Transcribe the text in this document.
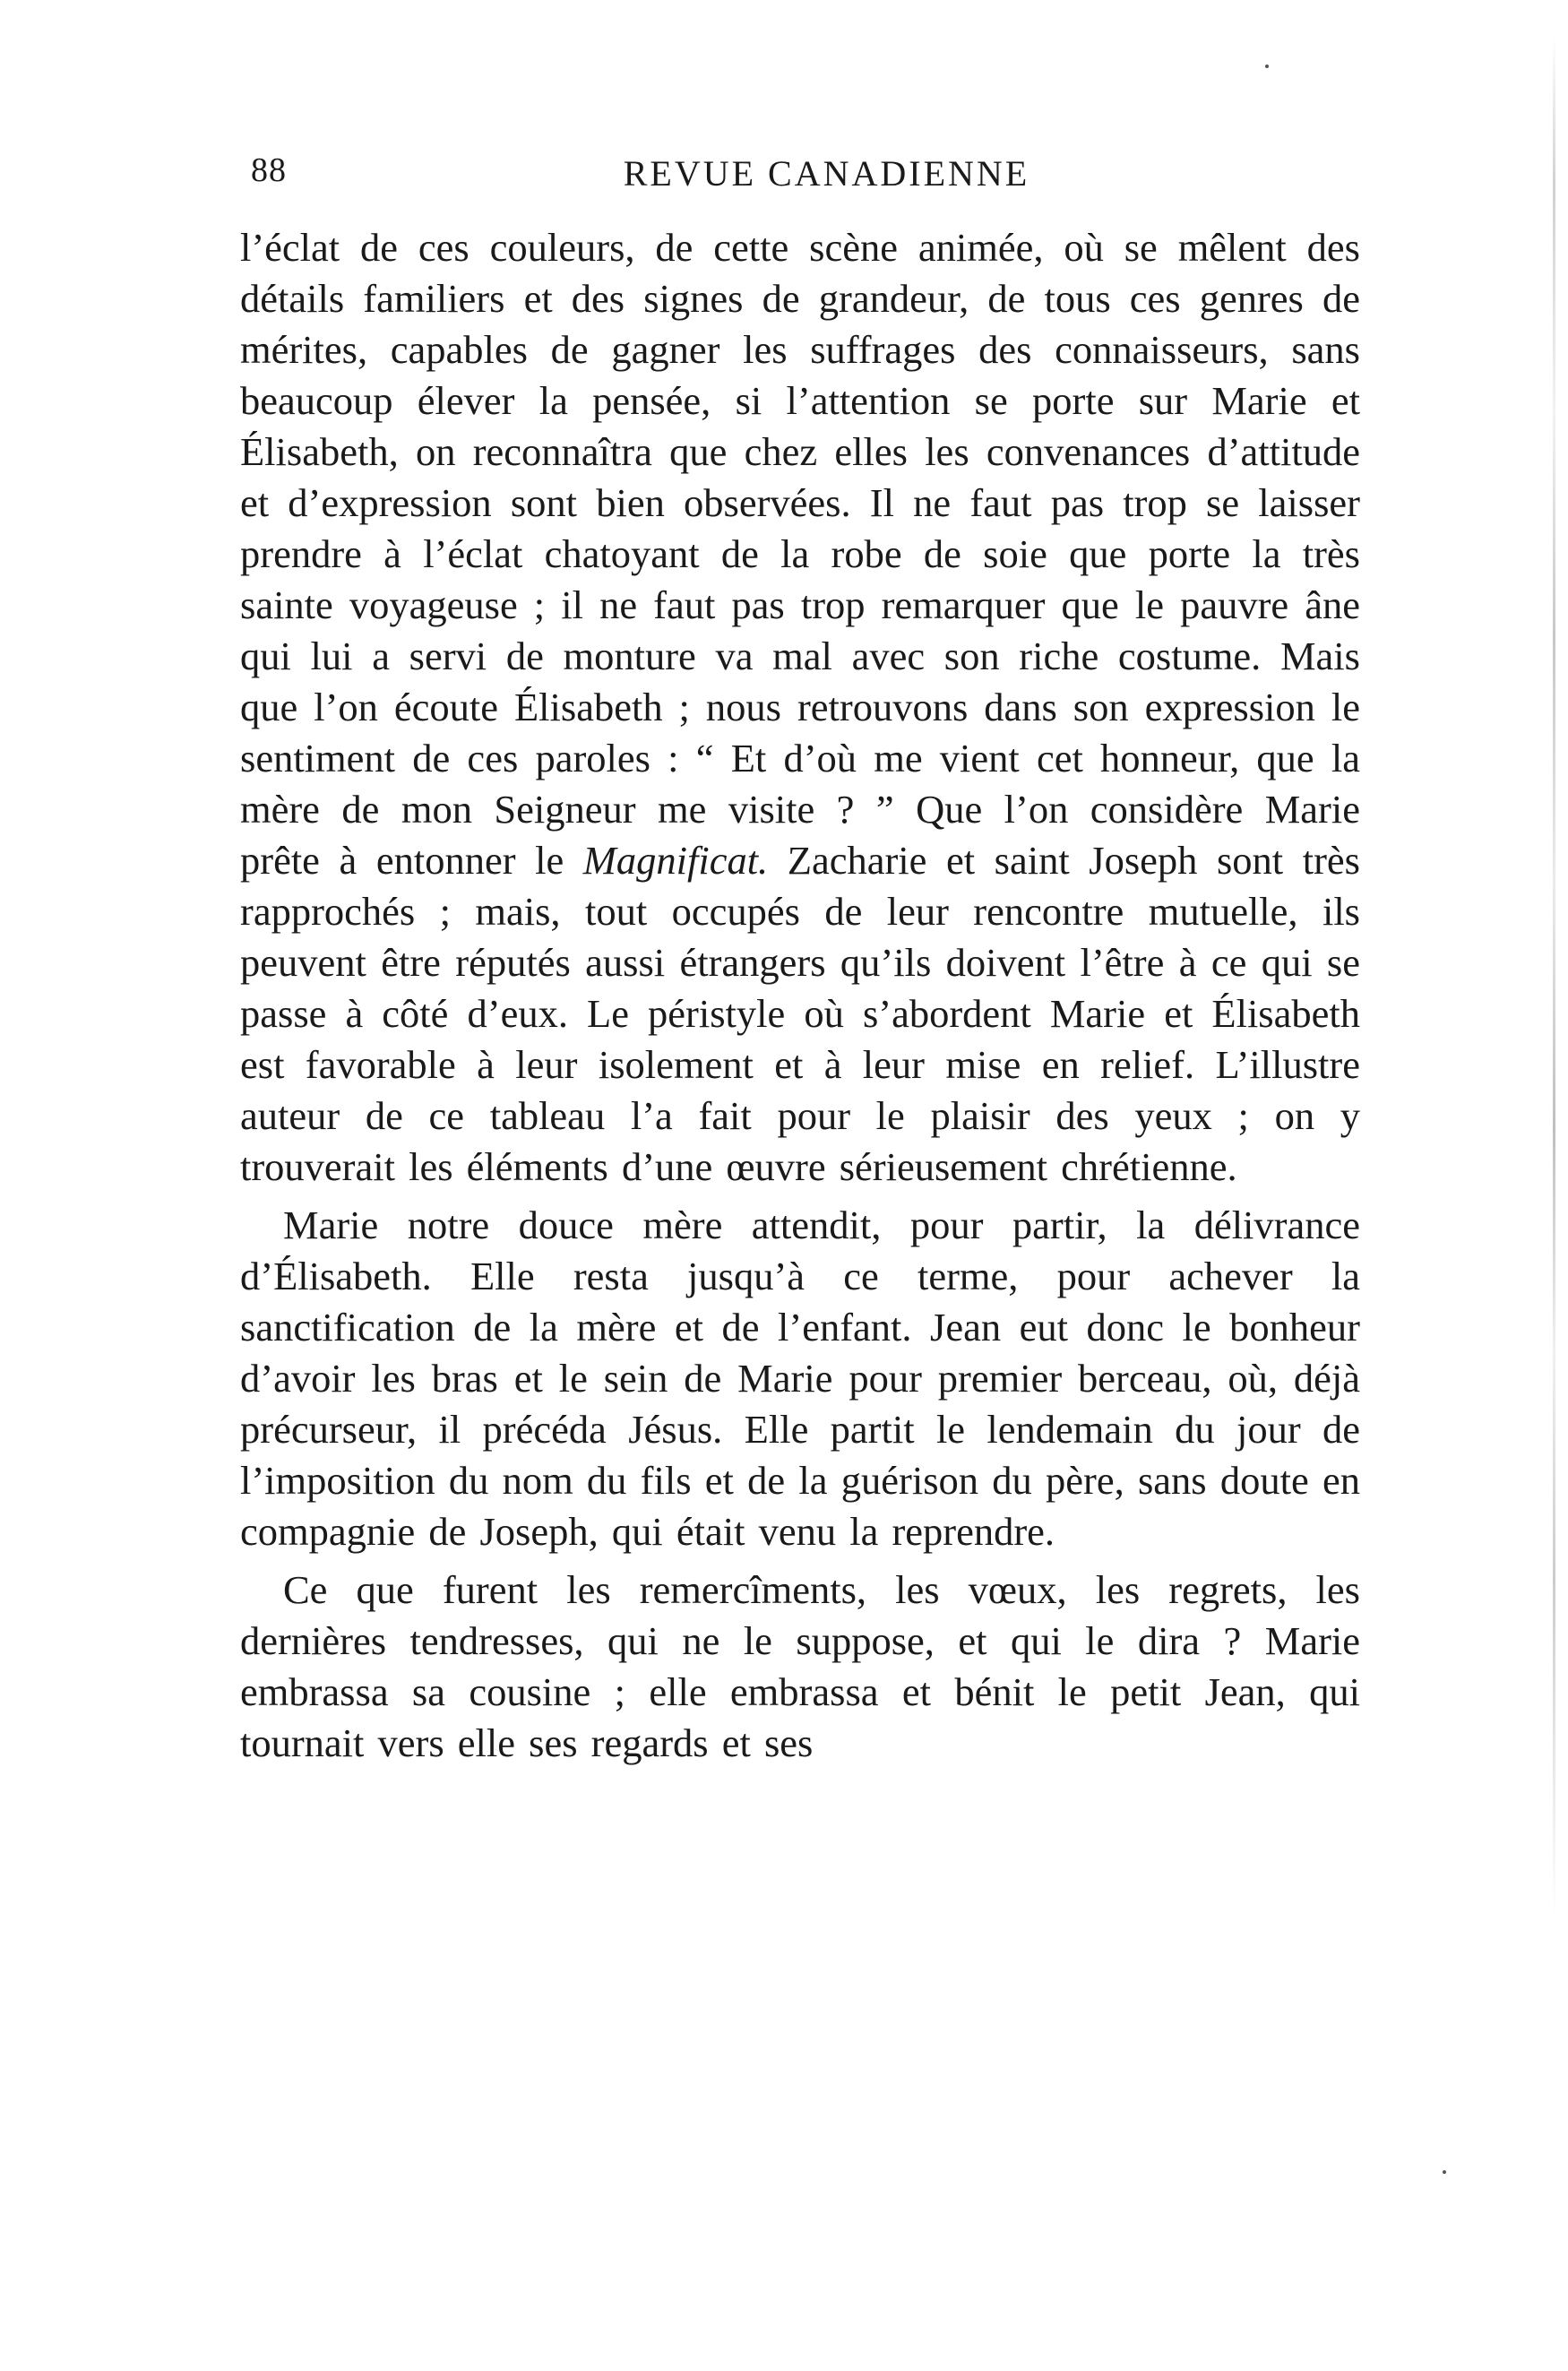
88	REVUE CANADIENNE

l’éclat de ces couleurs, de cette scène animée, où se mêlent des détails familiers et des signes de grandeur, de tous ces genres de mérites, capables de gagner les suffrages des connaisseurs, sans beaucoup élever la pensée, si l’attention se porte sur Marie et Élisabeth, on reconnaîtra que chez elles les convenances d’attitude et d’expression sont bien observées. Il ne faut pas trop se laisser prendre à l’éclat chatoyant de la robe de soie que porte la très sainte voyageuse ; il ne faut pas trop remarquer que le pauvre âne qui lui a servi de monture va mal avec son riche costume. Mais que l’on écoute Élisabeth ; nous retrouvons dans son expression le sentiment de ces paroles : “ Et d’où me vient cet honneur, que la mère de mon Seigneur me visite ? ” Que l’on considère Marie prête à entonner le Magnificat. Zacharie et saint Joseph sont très rapprochés ; mais, tout occupés de leur rencontre mutuelle, ils peuvent être réputés aussi étrangers qu’ils doivent l’être à ce qui se passe à côté d’eux. Le péristyle où s’abordent Marie et Élisabeth est favorable à leur isolement et à leur mise en relief. L’illustre auteur de ce tableau l’a fait pour le plaisir des yeux ; on y trouverait les éléments d’une œuvre sérieusement chrétienne.

Marie notre douce mère attendit, pour partir, la délivrance d’Élisabeth. Elle resta jusqu’à ce terme, pour achever la sanctification de la mère et de l’enfant. Jean eut donc le bonheur d’avoir les bras et le sein de Marie pour premier berceau, où, déjà précurseur, il précéda Jésus. Elle partit le lendemain du jour de l’imposition du nom du fils et de la guérison du père, sans doute en compagnie de Joseph, qui était venu la reprendre.

Ce que furent les remercîments, les vœux, les regrets, les dernières tendresses, qui ne le suppose, et qui le dira ? Marie embrassa sa cousine ; elle embrassa et bénit le petit Jean, qui tournait vers elle ses regards et ses
